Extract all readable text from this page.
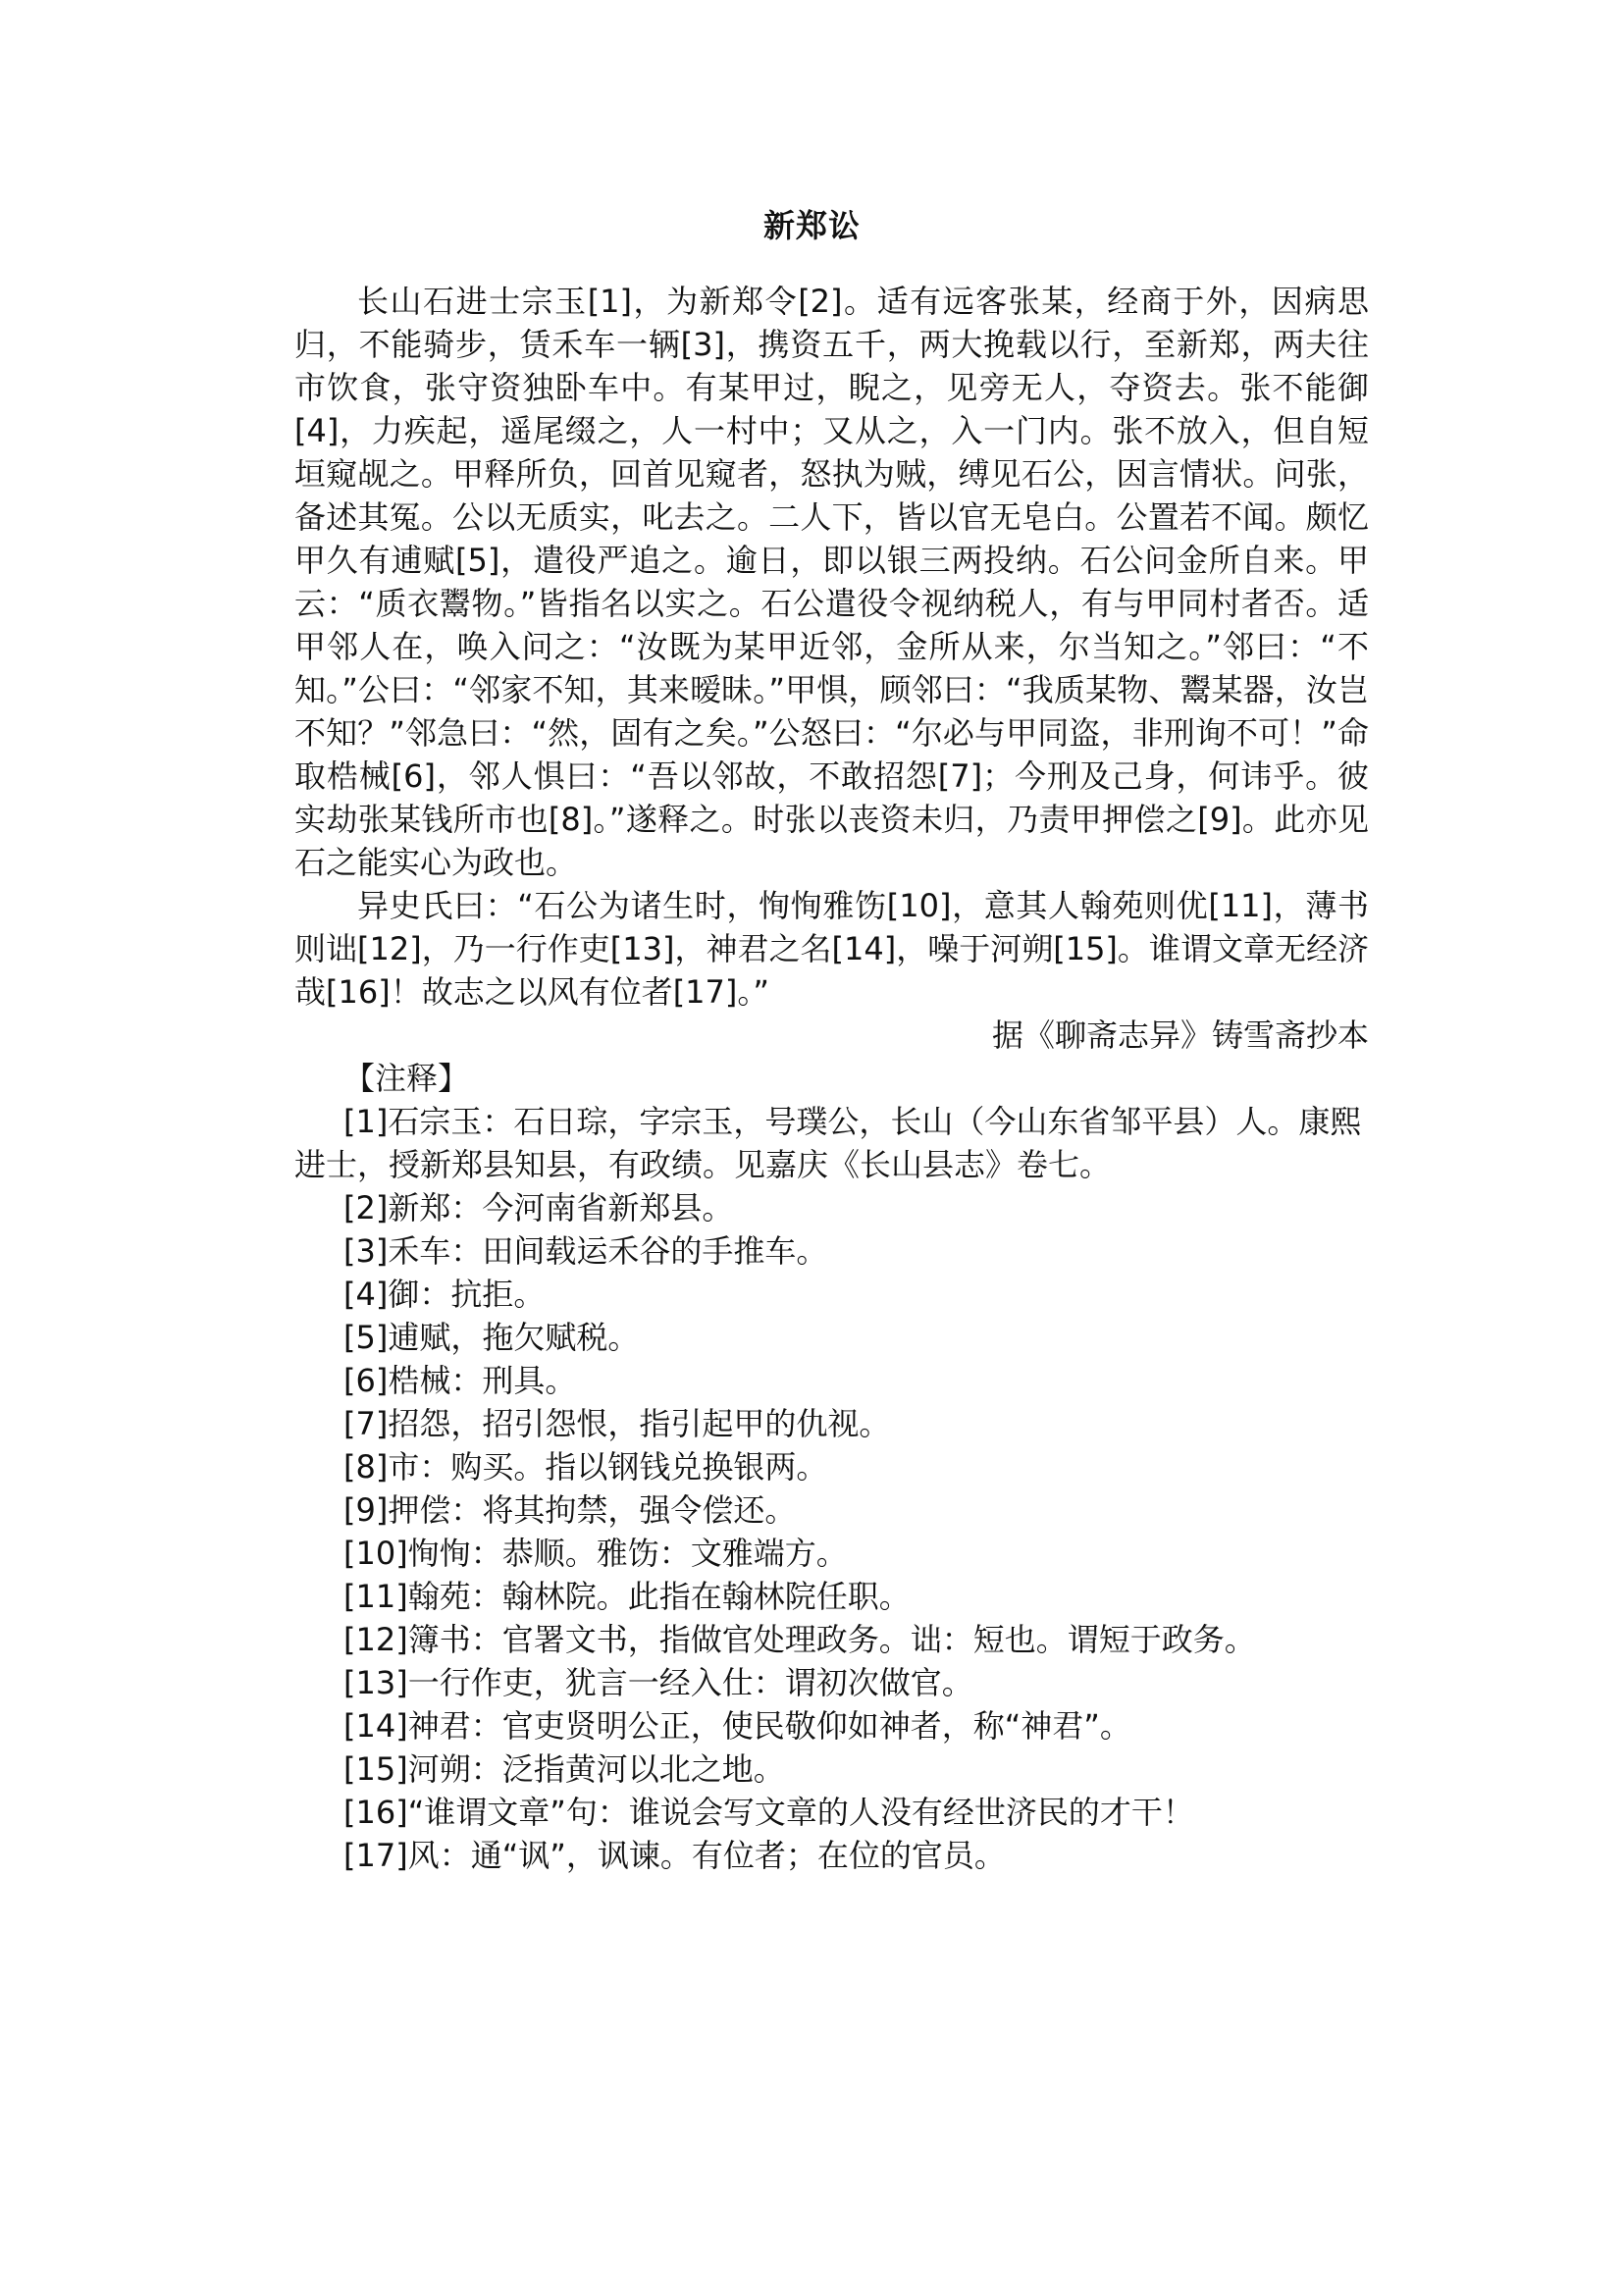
新郑讼

长山石进士宗玉[1]，为新郑令[2]。适有远客张某，经商于外，因病思归，不能骑步，赁禾车一辆[3]，携资五千，两大挽载以行，至新郑，两夫往市饮食，张守资独卧车中。有某甲过，睨之，见旁无人，夺资去。张不能御[4]，力疾起，遥尾缀之，人一村中；又从之，入一门内。张不放入，但自短垣窥觇之。甲释所负，回首见窥者，怒执为贼，缚见石公，因言情状。问张，备述其冤。公以无质实，叱去之。二人下，皆以官无皂白。公置若不闻。颇忆甲久有逋赋[5]，遣役严追之。逾日，即以银三两投纳。石公问金所自来。甲云：“质衣鬻物。”皆指名以实之。石公遣役令视纳税人，有与甲同村者否。适甲邻人在，唤入问之：“汝既为某甲近邻，金所从来，尔当知之。”邻曰：“不知。”公曰：“邻家不知，其来暧昧。”甲惧，顾邻曰：“我质某物、鬻某器，汝岂不知？”邻急曰：“然，固有之矣。”公怒曰：“尔必与甲同盗，非刑询不可！”命取梏械[6]，邻人惧曰：“吾以邻故，不敢招怨[7]；今刑及己身，何讳乎。彼实劫张某钱所市也[8]。”遂释之。时张以丧资未归，乃责甲押偿之[9]。此亦见石之能实心为政也。

异史氏曰：“石公为诸生时，恂恂雅饬[10]，意其人翰苑则优[11]，薄书则诎[12]，乃一行作吏[13]，神君之名[14]，噪于河朔[15]。谁谓文章无经济哉[16]！故志之以风有位者[17]。”

据《聊斋志异》铸雪斋抄本

【注释】

[1]石宗玉：石日琮，字宗玉，号璞公，长山（今山东省邹平县）人。康熙进士，授新郑县知县，有政绩。见嘉庆《长山县志》卷七。

[2]新郑：今河南省新郑县。

[3]禾车：田间载运禾谷的手推车。

[4]御：抗拒。

[5]逋赋，拖欠赋税。

[6]梏械：刑具。

[7]招怨，招引怨恨，指引起甲的仇视。

[8]市：购买。指以钢钱兑换银两。

[9]押偿：将其拘禁，强令偿还。

[10]恂恂：恭顺。雅饬：文雅端方。

[11]翰苑：翰林院。此指在翰林院任职。

[12]簿书：官署文书，指做官处理政务。诎：短也。谓短于政务。

[13]一行作吏，犹言一经入仕：谓初次做官。

[14]神君：官吏贤明公正，使民敬仰如神者，称“神君”。

[15]河朔：泛指黄河以北之地。

[16]“谁谓文章”句：谁说会写文章的人没有经世济民的才干！

[17]风：通“讽”，讽谏。有位者；在位的官员。
